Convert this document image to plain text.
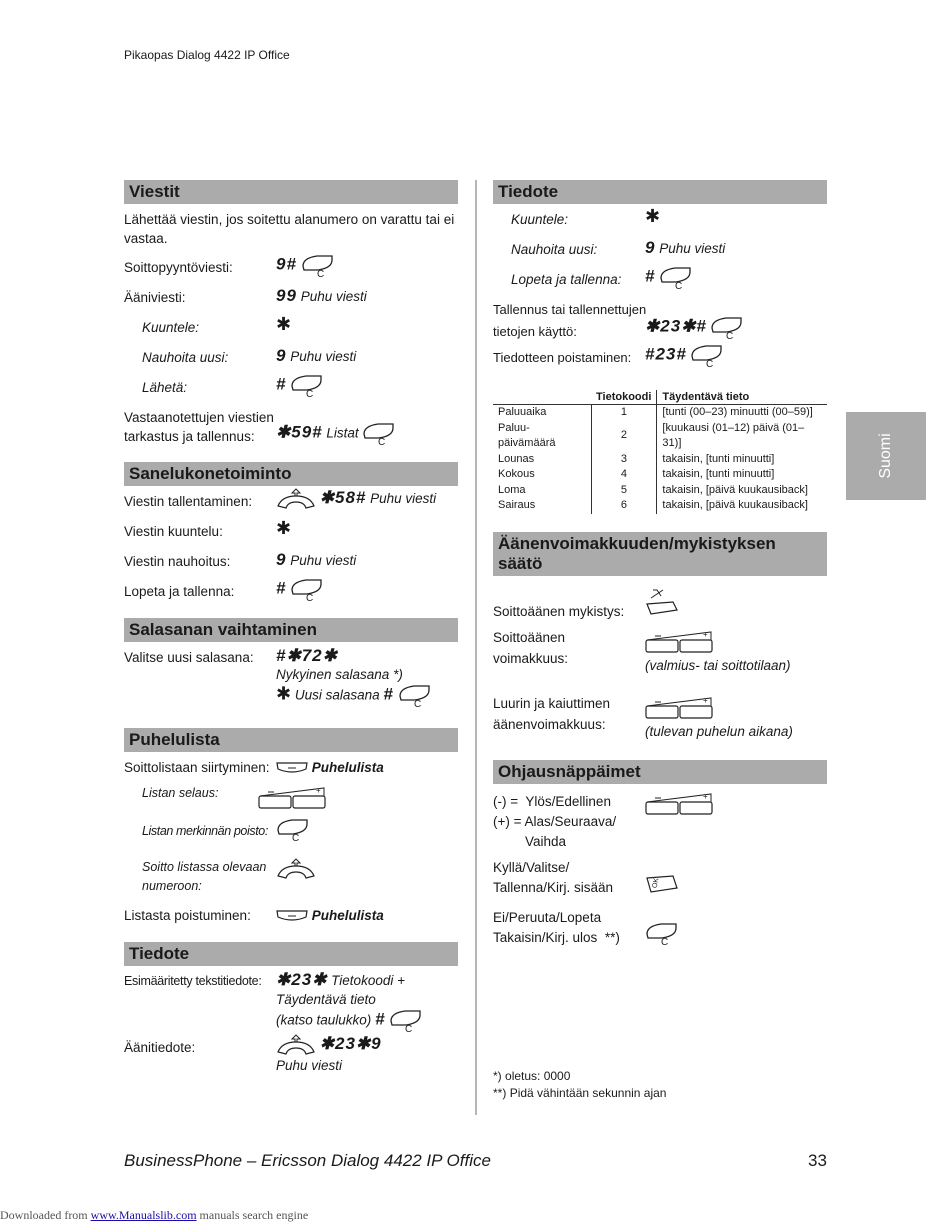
Pikaopas Dialog 4422 IP Office
Suomi
Viestit
Lähettää viestin, jos soitettu alanumero on varattu tai ei vastaa.
Soittopyyntöviesti:	9#
C
Ääniviesti:	99 Puhu viesti
Kuuntele:	✱
Nauhoita uusi:	9 Puhu viesti
Lähetä:	#
C
Vastaanotettujen viestien
tarkastus ja tallennus:	✱59# Listat
C
Sanelukonetoiminto
Viestin tallentaminen:	✱58# Puhu viesti
Viestin kuuntelu:	✱
Viestin nauhoitus:	9 Puhu viesti
Lopeta ja tallenna: #
C
Salasanan vaihtaminen
Valitse uusi salasana: #✱72✱
Nykyinen salasana *)
✱ Uusi salasana #
C
Puhelulista
Soittolistaan siirtyminen:	Puhelulista
Listan selaus:	+
Listan merkinnän poisto:
C
Soitto listassa olevaan
numeroon:
Listasta poistuminen:	Puhelulista
Tiedote
Esimääritetty tekstitiedote: ✱23✱ Tietokoodi +
Täydentävä tieto
(katso taulukko) #
C
Äänitiedote:	✱23✱9
Puhu viesti
Tiedote
Kuuntele:	✱
Nauhoita uusi:	9 Puhu viesti
Lopeta ja tallenna: #
C
Tallennus tai tallennettujen
tietojen käyttö:	✱23✱#
C
Tiedotteen poistaminen: #23#
C
	Tietokoodi	Täydentävä tieto
Paluuaika	1	[tunti (00–23) minuutti (00–59)]
Paluu-päivämäärä	2	[kuukausi (01–12) päivä (01–31)]
Lounas	3	takaisin, [tunti minuutti]
Kokous	4	takaisin, [tunti minuutti]
Loma	5	takaisin, [päivä kuukausiback]
Sairaus	6	takaisin, [päivä kuukausiback]
Äänenvoimakkuuden/mykistyksen säätö
Soittoäänen mykistys:
Soittoäänen
voimakkuus:
+
(valmius- tai soittotilaan)
Luurin ja kaiuttimen
äänenvoimakkuus:
+
(tulevan puhelun aikana)
Ohjausnäppäimet
(-) = Ylös/Edellinen
(+) = Alas/Seuraava/
Vaihda
+
Kyllä/Valitse/
Tallenna/Kirj. sisään	OK
Ei/Peruuta/Lopeta
Takaisin/Kirj. ulos **)	C
*) oletus: 0000
**) Pidä vähintään sekunnin ajan
BusinessPhone – Ericsson Dialog 4422 IP Office	33
Downloaded from www.Manualslib.com manuals search engine
